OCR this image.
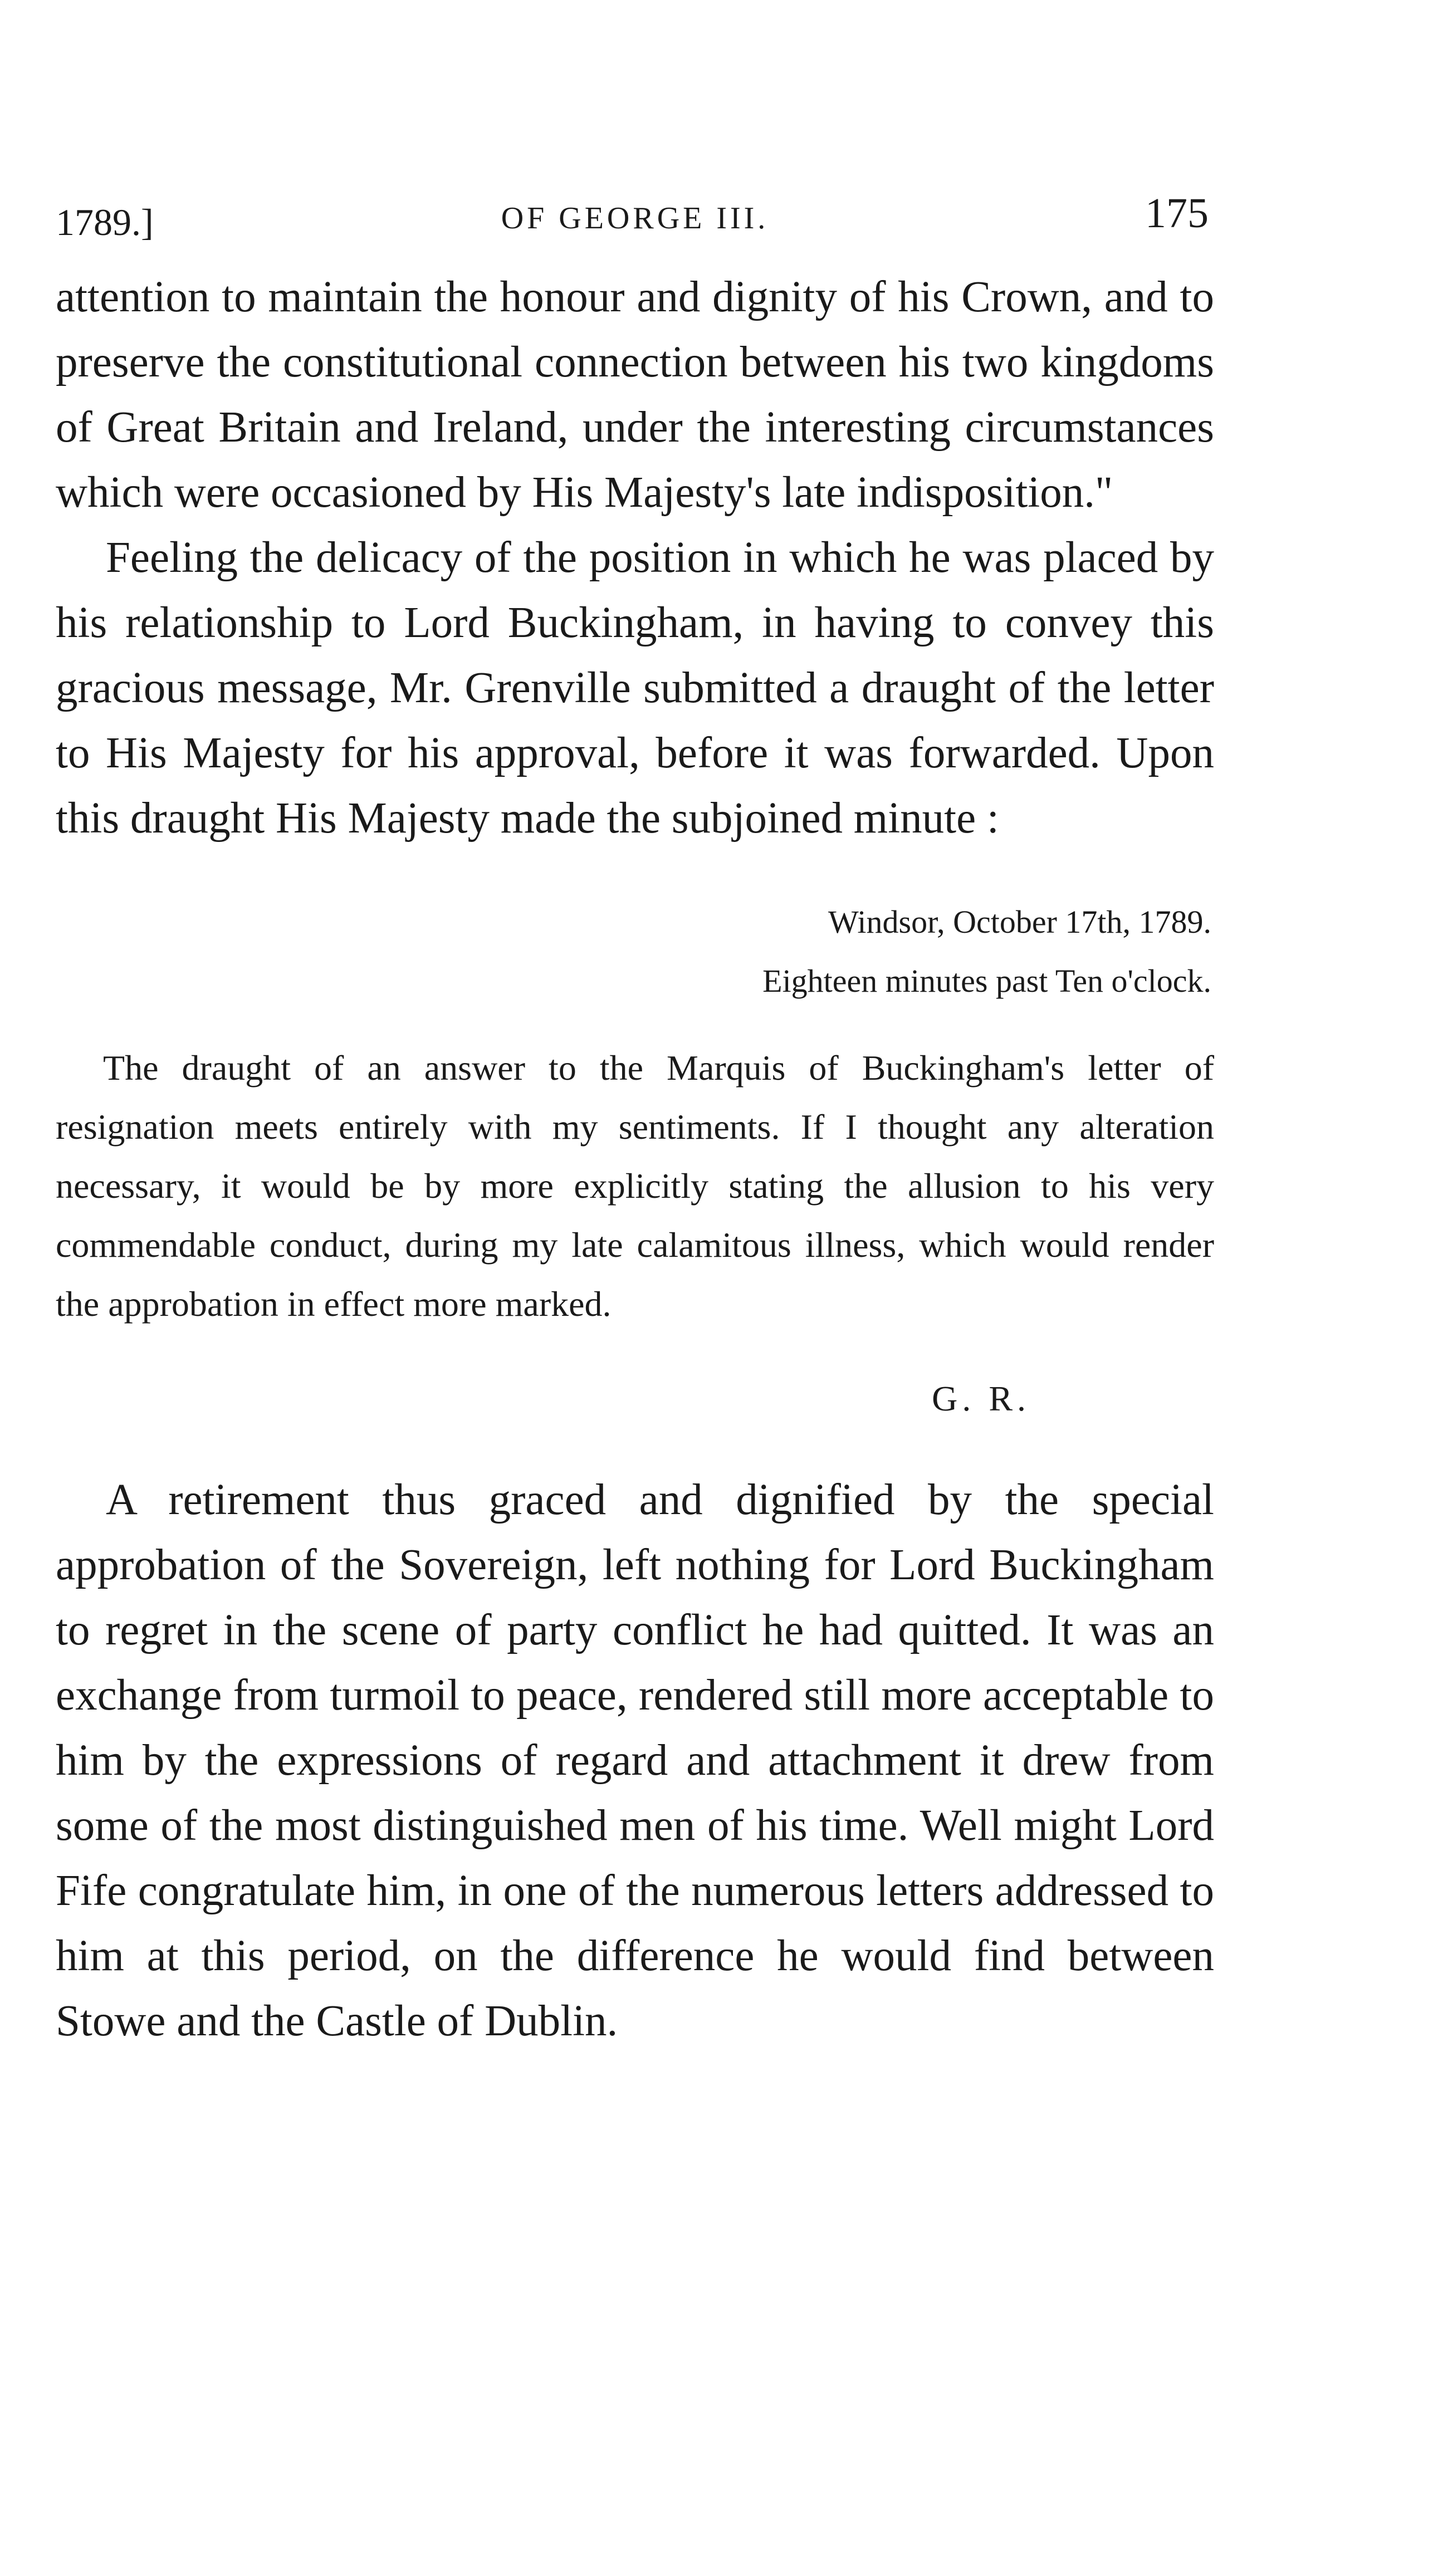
1789.]	OF GEORGE III.	175

attention to maintain the honour and dignity of his Crown, and to preserve the constitutional connection between his two kingdoms of Great Britain and Ireland, under the interesting circumstances which were occasioned by His Majesty's late indisposition."

Feeling the delicacy of the position in which he was placed by his relationship to Lord Buckingham, in having to convey this gracious message, Mr. Grenville submitted a draught of the letter to His Majesty for his approval, before it was forwarded. Upon this draught His Majesty made the subjoined minute :

Windsor, October 17th, 1789.
Eighteen minutes past Ten o'clock.

The draught of an answer to the Marquis of Buckingham's letter of resignation meets entirely with my sentiments. If I thought any alteration necessary, it would be by more explicitly stating the allusion to his very commendable conduct, during my late calamitous illness, which would render the approbation in effect more marked.

G. R.

A retirement thus graced and dignified by the special approbation of the Sovereign, left nothing for Lord Buckingham to regret in the scene of party conflict he had quitted. It was an exchange from turmoil to peace, rendered still more acceptable to him by the expressions of regard and attachment it drew from some of the most distinguished men of his time. Well might Lord Fife congratulate him, in one of the numerous letters addressed to him at this period, on the difference he would find between Stowe and the Castle of Dublin.
